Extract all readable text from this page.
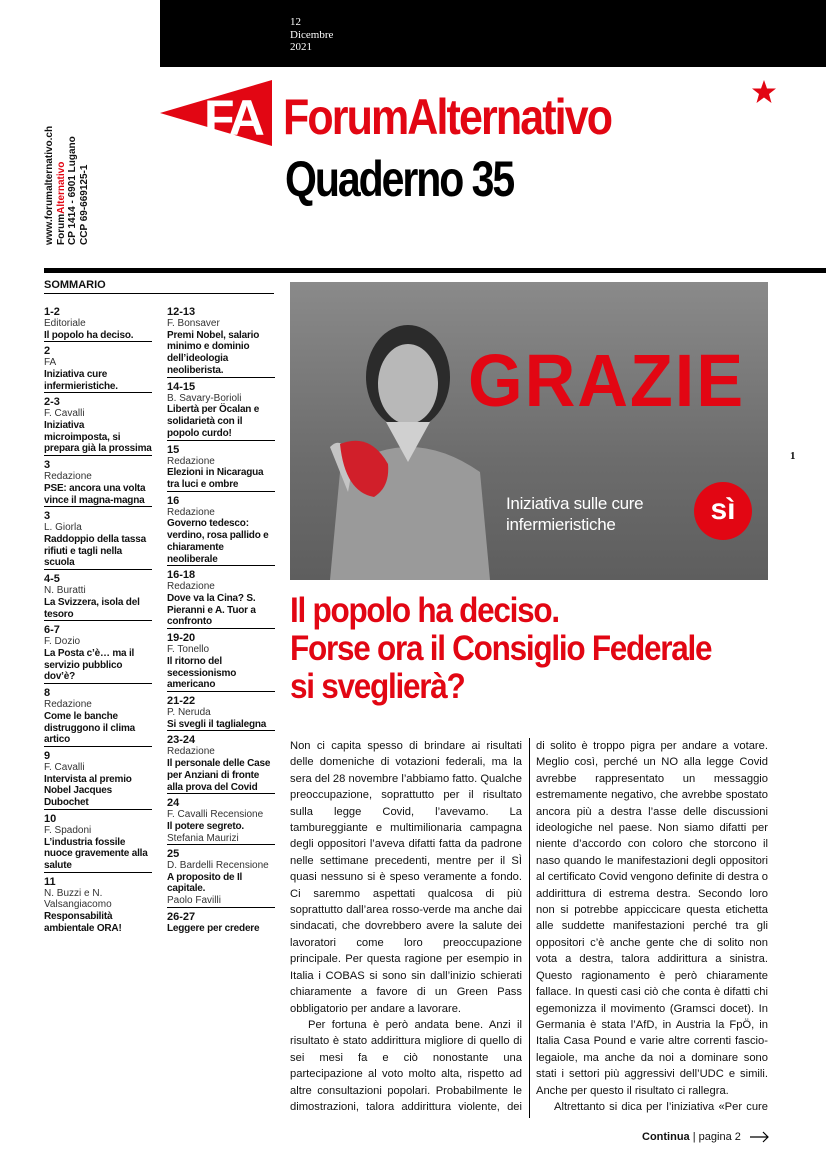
12
Dicembre
2021
FA ForumAlternativo
Quaderno 35
www.forumalternativo.ch ForumAlternativo CP 1414 - 6901 Lugano CCP 69-669125-1
SOMMARIO
1-2
Editoriale
Il popolo ha deciso.
2
FA
Iniziativa cure infermieristiche.
2-3
F. Cavalli
Iniziativa microimposta, si prepara già la prossima
3
Redazione
PSE: ancora una volta vince il magna-magna
3
L. Giorla
Raddoppio della tassa rifiuti e tagli nella scuola
4-5
N. Buratti
La Svizzera, isola del tesoro
6-7
F. Dozio
La Posta c’è… ma il servizio pubblico dov’è?
8
Redazione
Come le banche distruggono il clima artico
9
F. Cavalli
Intervista al premio Nobel Jacques Dubochet
10
F. Spadoni
L’industria fossile nuoce gravemente alla salute
11
N. Buzzi e N. Valsangiacomo
Responsabilità ambientale ORA!
12-13
F. Bonsaver
Premi Nobel, salario minimo e dominio dell’ideologia neoliberista.
14-15
B. Savary-Borioli
Libertà per Öcalan e solidarietà con il popolo curdo!
15
Redazione
Elezioni in Nicaragua tra luci e ombre
16
Redazione
Governo tedesco: verdino, rosa pallido e chiaramente neoliberale
16-18
Redazione
Dove va la Cina? S. Pieranni e A. Tuor a confronto
19-20
F. Tonello
Il ritorno del secessionismo americano
21-22
P. Neruda
Si svegli il taglialegna
23-24
Redazione
Il personale delle Case per Anziani di fronte alla prova del Covid
24
F. Cavalli Recensione
Il potere segreto.
Stefania Maurizi
25
D. Bardelli Recensione
A proposito de Il capitale.
Paolo Favilli
26-27
Leggere per credere
GRAZIE
Iniziativa sulle cure
infermieristiche	sì
1
Il popolo ha deciso.
Forse ora il Consiglio Federale
si sveglierà?

Non ci capita spesso di brindare ai risultati delle domeniche di votazioni federali, ma la sera del 28 novembre l’abbiamo fatto. Qualche preoccupazione, soprattutto per il risultato sulla legge Covid, l’avevamo. La tambureggiante e multimilionaria campagna degli oppositori l’aveva difatti fatta da padrone nelle settimane precedenti, mentre per il SÌ quasi nessuno si è speso veramente a fondo. Ci saremmo aspettati qualcosa di più soprattutto dall’area rosso-verde ma anche dai sindacati, che dovrebbero avere la salute dei lavoratori come loro preoccupazione principale. Per questa ragione per esempio in Italia i COBAS si sono sin dall’inizio schierati chiaramente a favore di un Green Pass obbligatorio per andare a lavorare.

Per fortuna è però andata bene. Anzi il risultato è stato addirittura migliore di quello di sei mesi fa e ciò nonostante una partecipazione al voto molto alta, rispetto ad altre consultazioni popolari. Probabilmente le dimostrazioni, talora addirittura violente, dei

di solito è troppo pigra per andare a votare. Meglio così, perché un NO alla legge Covid avrebbe rappresentato un messaggio estremamente negativo, che avrebbe spostato ancora più a destra l’asse delle discussioni ideologiche nel paese. Non siamo difatti per niente d’accordo con coloro che storcono il naso quando le manifestazioni degli oppositori al certificato Covid vengono definite di destra o addirittura di estrema destra. Secondo loro non si potrebbe appiccicare questa etichetta alle suddette manifestazioni perché tra gli oppositori c’è anche gente che di solito non vota a destra, talora addirittura a sinistra. Questo ragionamento è però chiaramente fallace. In questi casi ciò che conta è difatti chi egemonizza il movimento (Gramsci docet). In Germania è stata l’AfD, in Austria la FpÖ, in Italia Casa Pound e varie altre correnti fascio-legaiole, ma anche da noi a dominare sono stati i settori più aggressivi dell’UDC e simili. Anche per questo il risultato ci rallegra.

Altrettanto si dica per l’iniziativa «Per cure

Continua | pagina 2
